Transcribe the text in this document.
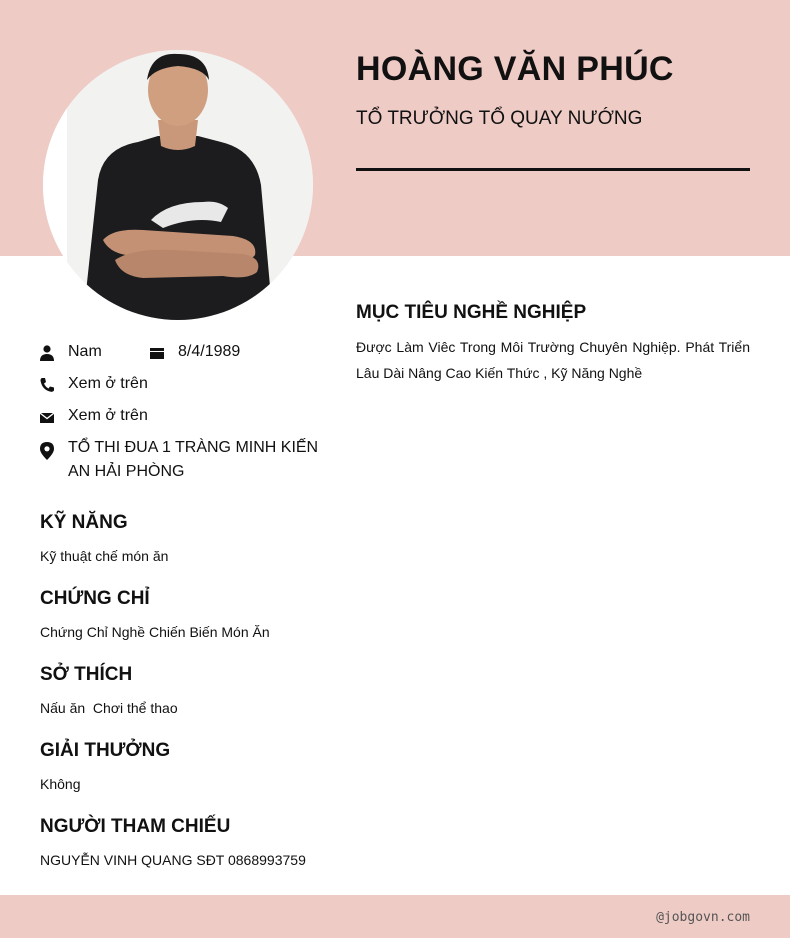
HOÀNG VĂN PHÚC
TỔ TRƯỞNG TỔ QUAY NƯỚNG
Nam	8/4/1989
Xem ở trên
Xem ở trên
TỔ THI ĐUA 1 TRÀNG MINH KIẾN AN HẢI PHÒNG
KỸ NĂNG
Kỹ thuật chế món ăn
CHỨNG CHỈ
Chứng Chỉ Nghề Chiến Biến Món Ăn
SỞ THÍCH
Nấu ăn  Chơi thể thao
GIẢI THƯỞNG
Không
NGƯỜI THAM CHIẾU
NGUYỄN VINH QUANG SĐT 0868993759
MỤC TIÊU NGHỀ NGHIỆP
Được Làm Viêc Trong Môi Trường Chuyên Nghiệp. Phát Triển Lâu Dài Nâng Cao Kiến Thức , Kỹ Năng Nghề
@jobgovn.com
